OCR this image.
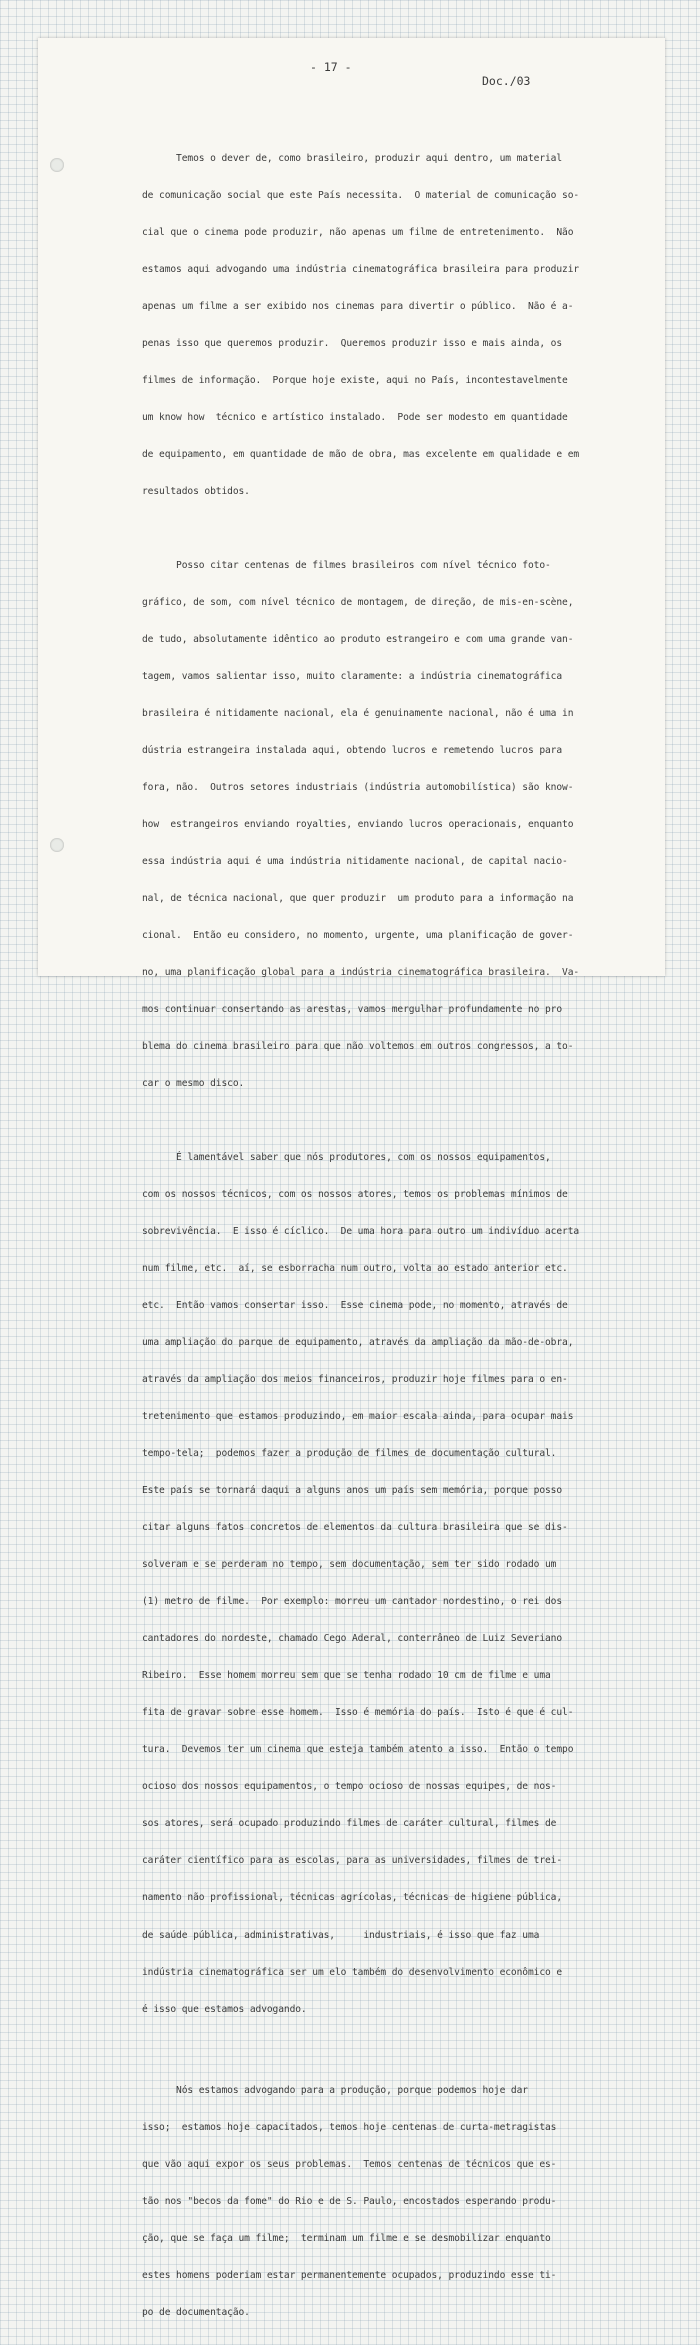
- 17 -
Doc./03

Temos o dever de, como brasileiro, produzir aqui dentro, um material

de comunicação social que este País necessita.  O material de comunicação so-

cial que o cinema pode produzir, não apenas um filme de entretenimento.  Não

estamos aqui advogando uma indústria cinematográfica brasileira para produzir

apenas um filme a ser exibido nos cinemas para divertir o público.  Não é a-

penas isso que queremos produzir.  Queremos produzir isso e mais ainda, os

filmes de informação.  Porque hoje existe, aqui no País, incontestavelmente

um know how  técnico e artístico instalado.  Pode ser modesto em quantidade

de equipamento, em quantidade de mão de obra, mas excelente em qualidade e em

resultados obtidos.

Posso citar centenas de filmes brasileiros com nível técnico foto-

gráfico, de som, com nível técnico de montagem, de direção, de mis-en-scène,

de tudo, absolutamente idêntico ao produto estrangeiro e com uma grande van-

tagem, vamos salientar isso, muito claramente: a indústria cinematográfica

brasileira é nitidamente nacional, ela é genuinamente nacional, não é uma in

dústria estrangeira instalada aqui, obtendo lucros e remetendo lucros para

fora, não.  Outros setores industriais (indústria automobilística) são know-

how  estrangeiros enviando royalties, enviando lucros operacionais, enquanto

essa indústria aqui é uma indústria nitidamente nacional, de capital nacio-

nal, de técnica nacional, que quer produzir  um produto para a informação na

cional.  Então eu considero, no momento, urgente, uma planificação de gover-

no, uma planificação global para a indústria cinematográfica brasileira.  Va-

mos continuar consertando as arestas, vamos mergulhar profundamente no pro

blema do cinema brasileiro para que não voltemos em outros congressos, a to-

car o mesmo disco.

É lamentável saber que nós produtores, com os nossos equipamentos,

com os nossos técnicos, com os nossos atores, temos os problemas mínimos de

sobrevivência.  E isso é cíclico.  De uma hora para outro um indivíduo acerta

num filme, etc.  aí, se esborracha num outro, volta ao estado anterior etc.

etc.  Então vamos consertar isso.  Esse cinema pode, no momento, através de

uma ampliação do parque de equipamento, através da ampliação da mão-de-obra,

através da ampliação dos meios financeiros, produzir hoje filmes para o en-

tretenimento que estamos produzindo, em maior escala ainda, para ocupar mais

tempo-tela;  podemos fazer a produção de filmes de documentação cultural.

Este país se tornará daqui a alguns anos um país sem memória, porque posso

citar alguns fatos concretos de elementos da cultura brasileira que se dis-

solveram e se perderam no tempo, sem documentação, sem ter sido rodado um

(1) metro de filme.  Por exemplo: morreu um cantador nordestino, o rei dos

cantadores do nordeste, chamado Cego Aderal, conterrâneo de Luiz Severiano

Ribeiro.  Esse homem morreu sem que se tenha rodado 10 cm de filme e uma

fita de gravar sobre esse homem.  Isso é memória do país.  Isto é que é cul-

tura.  Devemos ter um cinema que esteja também atento a isso.  Então o tempo

ocioso dos nossos equipamentos, o tempo ocioso de nossas equipes, de nos-

sos atores, será ocupado produzindo filmes de caráter cultural, filmes de

caráter científico para as escolas, para as universidades, filmes de trei-

namento não profissional, técnicas agrícolas, técnicas de higiene pública,

de saúde pública, administrativas,     industriais, é isso que faz uma

indústria cinematográfica ser um elo também do desenvolvimento econômico e

é isso que estamos advogando.

Nós estamos advogando para a produção, porque podemos hoje dar

isso;  estamos hoje capacitados, temos hoje centenas de curta-metragistas

que vão aqui expor os seus problemas.  Temos centenas de técnicos que es-

tão nos "becos da fome" do Rio e de S. Paulo, encostados esperando produ-

ção, que se faça um filme;  terminam um filme e se desmobilizar enquanto

estes homens poderiam estar permanentemente ocupados, produzindo esse ti-

po de documentação.
